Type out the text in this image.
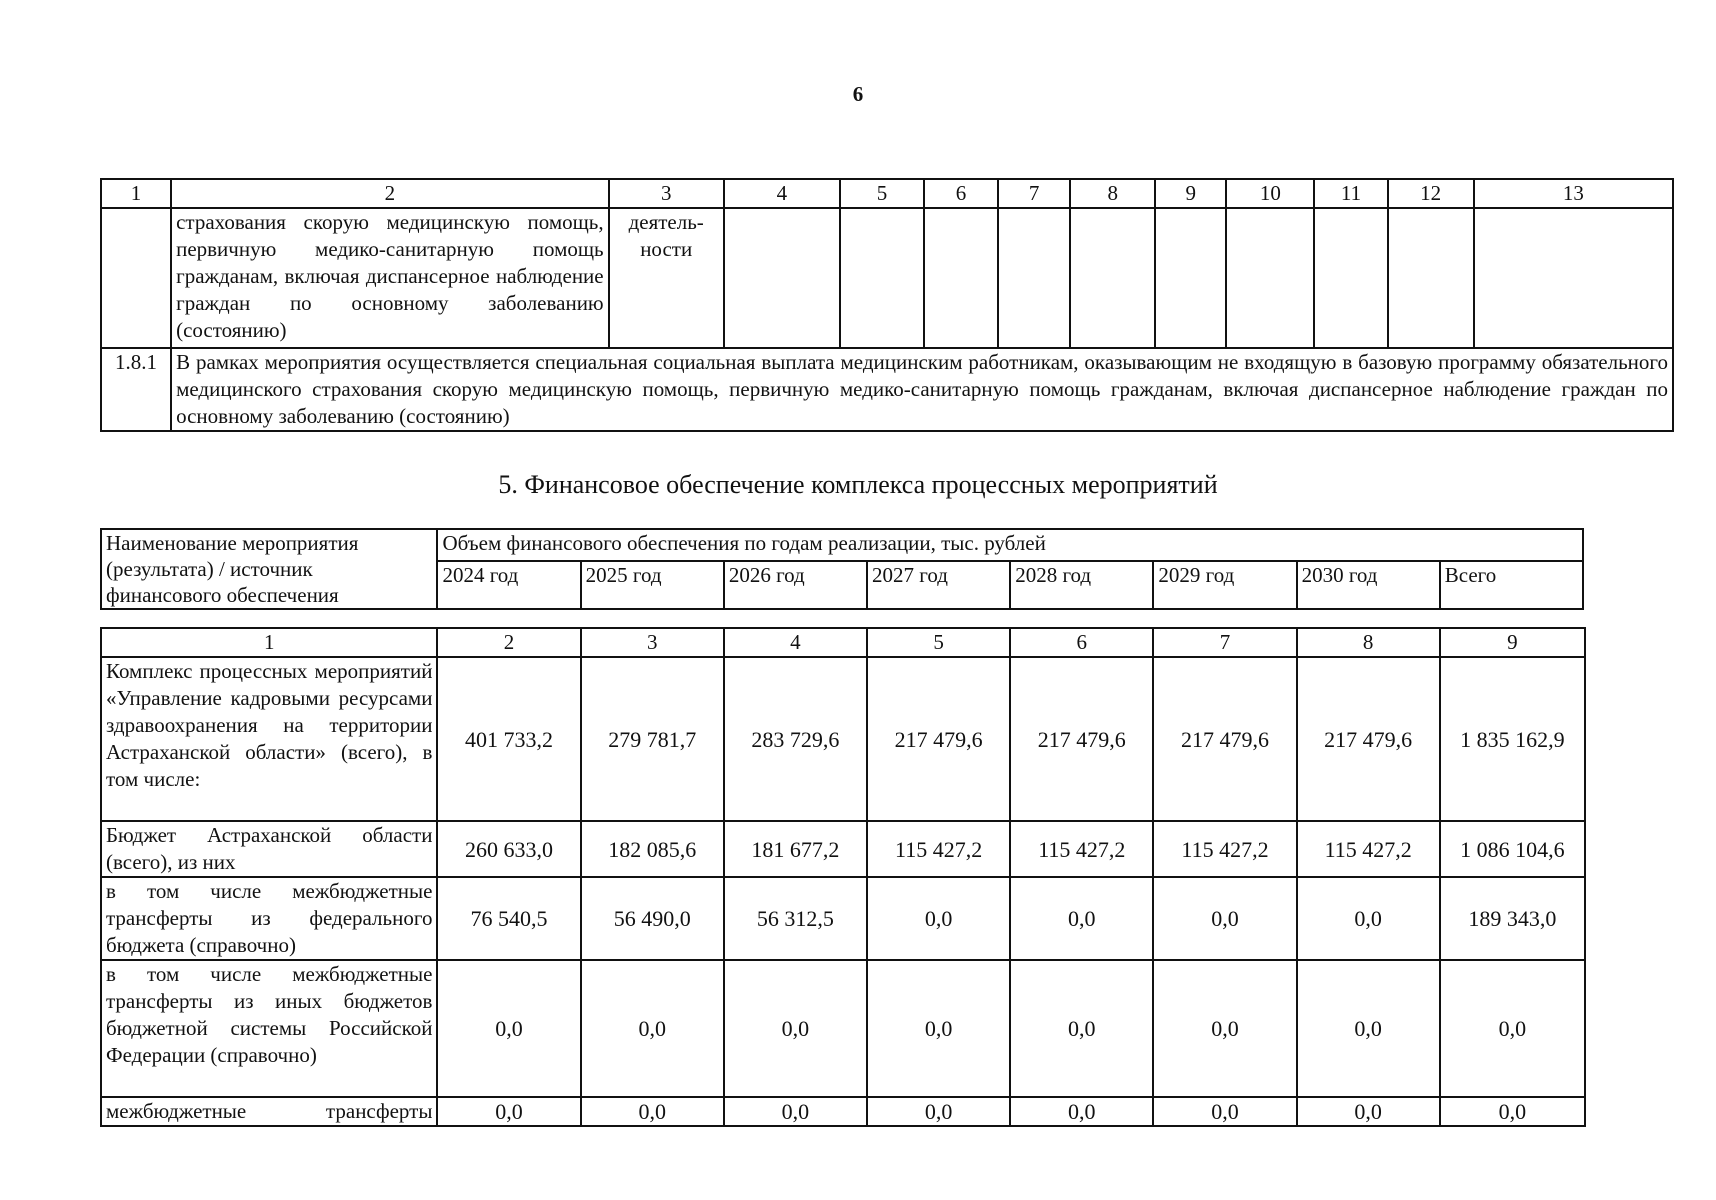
6
1	2	3	4	5	6	7	8	9	10	11	12	13
	страхования скорую медицинскую помощь, первичную медико-санитарную помощь гражданам, включая диспансерное наблюдение граждан по основному заболеванию (состоянию)	деятель-ности										
1.8.1	В рамках мероприятия осуществляется специальная социальная выплата медицинским работникам, оказывающим не входящую в базовую программу обязательного медицинского страхования скорую медицинскую помощь, первичную медико-санитарную помощь гражданам, включая диспансерное наблюдение граждан по основному заболеванию (состоянию)											
5. Финансовое обеспечение комплекса процессных мероприятий
Наименование мероприятия (результата) / источник финансового обеспечения	Объем финансового обеспечения по годам реализации, тыс. рублей							
	2024 год	2025 год	2026 год	2027 год	2028 год	2029 год	2030 год	Всего
1	2	3	4	5	6	7	8	9
Комплекс процессных мероприятий «Управление кадровыми ресурсами здравоохранения на территории Астраханской области» (всего), в том числе:	401 733,2	279 781,7	283 729,6	217 479,6	217 479,6	217 479,6	217 479,6	1 835 162,9
Бюджет Астраханской области (всего), из них	260 633,0	182 085,6	181 677,2	115 427,2	115 427,2	115 427,2	115 427,2	1 086 104,6
в том числе межбюджетные трансферты из федерального бюджета (справочно)	76 540,5	56 490,0	56 312,5	0,0	0,0	0,0	0,0	189 343,0
в том числе межбюджетные трансферты из иных бюджетов бюджетной системы Российской Федерации (справочно)	0,0	0,0	0,0	0,0	0,0	0,0	0,0	0,0
межбюджетные трансферты	0,0	0,0	0,0	0,0	0,0	0,0	0,0	0,0
